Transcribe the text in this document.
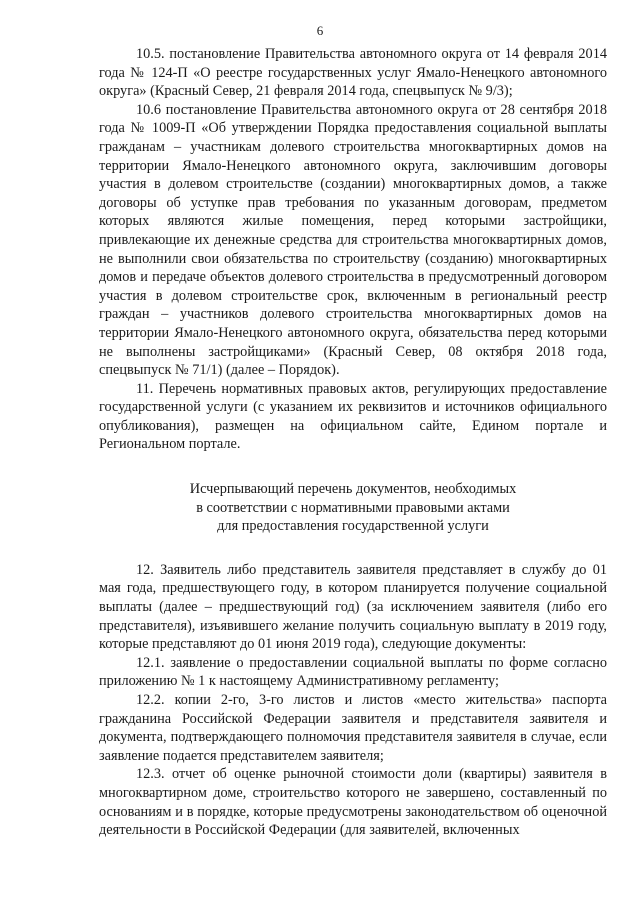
6

10.5. постановление Правительства автономного округа от 14 февраля 2014 года № 124-П «О реестре государственных услуг Ямало-Ненецкого автономного округа» (Красный Север, 21 февраля 2014 года, спецвыпуск № 9/3);

10.6 постановление Правительства автономного округа от 28 сентября 2018 года № 1009-П «Об утверждении Порядка предоставления социальной выплаты гражданам – участникам долевого строительства многоквартирных домов на территории Ямало-Ненецкого автономного округа, заключившим договоры участия в долевом строительстве (создании) многоквартирных домов, а также договоры об уступке прав требования по указанным договорам, предметом которых являются жилые помещения, перед которыми застройщики, привлекающие их денежные средства для строительства многоквартирных домов, не выполнили свои обязательства по строительству (созданию) многоквартирных домов и передаче объектов долевого строительства в предусмотренный договором участия в долевом строительстве срок, включенным в региональный реестр граждан – участников долевого строительства многоквартирных домов на территории Ямало-Ненецкого автономного округа, обязательства перед которыми не выполнены застройщиками» (Красный Север, 08 октября 2018 года, спецвыпуск № 71/1) (далее – Порядок).

11. Перечень нормативных правовых актов, регулирующих предоставление государственной услуги (с указанием их реквизитов и источников официального опубликования), размещен на официальном сайте, Едином портале и Региональном портале.

Исчерпывающий перечень документов, необходимых
в соответствии с нормативными правовыми актами
для предоставления государственной услуги

12. Заявитель либо представитель заявителя представляет в службу до 01 мая года, предшествующего году, в котором планируется получение социальной выплаты (далее – предшествующий год) (за исключением заявителя (либо его представителя), изъявившего желание получить социальную выплату в 2019 году, которые представляют до 01 июня 2019 года), следующие документы:

12.1. заявление о предоставлении социальной выплаты по форме согласно приложению № 1 к настоящему Административному регламенту;

12.2. копии 2-го, 3-го листов и листов «место жительства» паспорта гражданина Российской Федерации заявителя и представителя заявителя и документа, подтверждающего полномочия представителя заявителя в случае, если заявление подается представителем заявителя;

12.3. отчет об оценке рыночной стоимости доли (квартиры) заявителя в многоквартирном доме, строительство которого не завершено, составленный по основаниям и в порядке, которые предусмотрены законодательством об оценочной деятельности в Российской Федерации (для заявителей, включенных
